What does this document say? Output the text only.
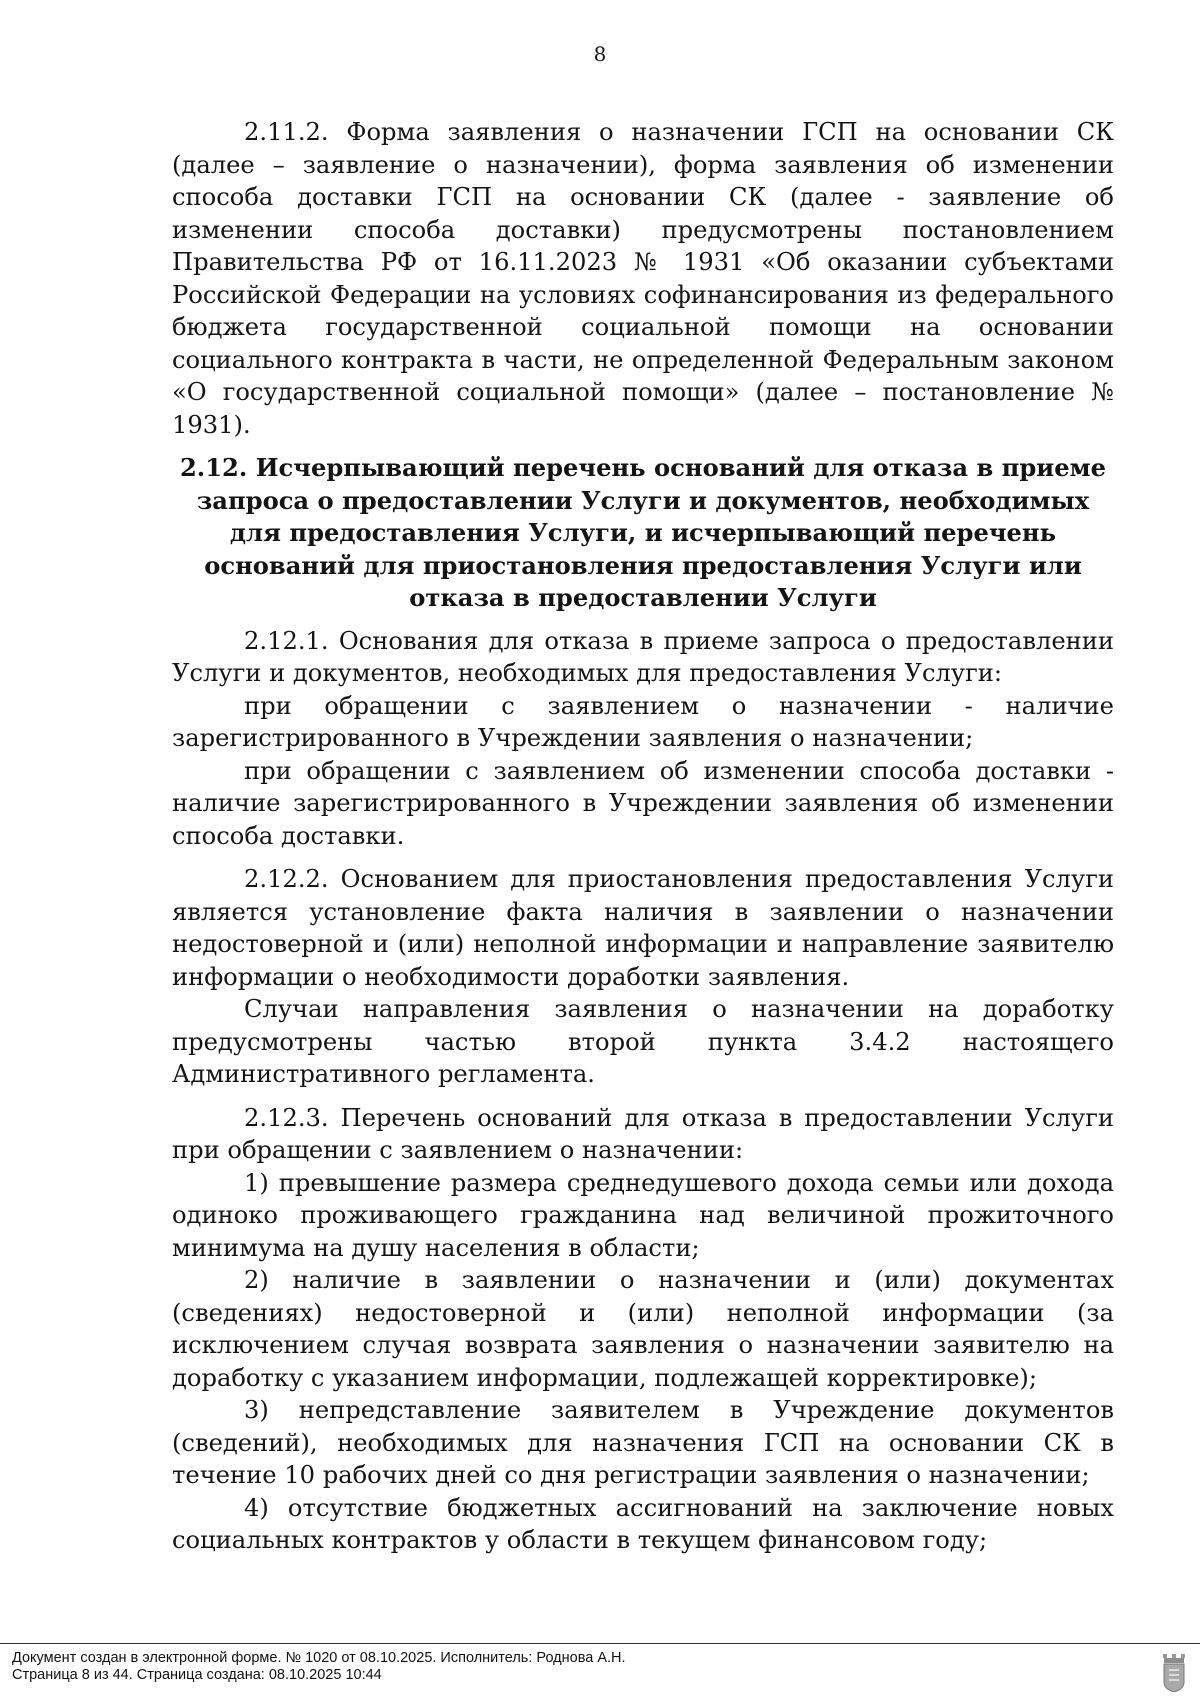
8

2.11.2. Форма заявления о назначении ГСП на основании СК (далее – заявление о назначении), форма заявления об изменении способа доставки ГСП на основании СК (далее - заявление об изменении способа доставки) предусмотрены постановлением Правительства РФ от 16.11.2023 № 1931 «Об оказании субъектами Российской Федерации на условиях софинансирования из федерального бюджета государственной социальной помощи на основании социального контракта в части, не определенной Федеральным законом «О государственной социальной помощи» (далее – постановление № 1931).

2.12. Исчерпывающий перечень оснований для отказа в приеме запроса о предоставлении Услуги и документов, необходимых для предоставления Услуги, и исчерпывающий перечень оснований для приостановления предоставления Услуги или отказа в предоставлении Услуги

2.12.1. Основания для отказа в приеме запроса о предоставлении Услуги и документов, необходимых для предоставления Услуги:

при обращении с заявлением о назначении - наличие зарегистрированного в Учреждении заявления о назначении;

при обращении с заявлением об изменении способа доставки - наличие зарегистрированного в Учреждении заявления об изменении способа доставки.

2.12.2. Основанием для приостановления предоставления Услуги является установление факта наличия в заявлении о назначении недостоверной и (или) неполной информации и направление заявителю информации о необходимости доработки заявления.

Случаи направления заявления о назначении на доработку предусмотрены частью второй пункта 3.4.2 настоящего Административного регламента.

2.12.3. Перечень оснований для отказа в предоставлении Услуги при обращении с заявлением о назначении:

1) превышение размера среднедушевого дохода семьи или дохода одиноко проживающего гражданина над величиной прожиточного минимума на душу населения в области;

2) наличие в заявлении о назначении и (или) документах (сведениях) недостоверной и (или) неполной информации (за исключением случая возврата заявления о назначении заявителю на доработку с указанием информации, подлежащей корректировке);

3) непредставление заявителем в Учреждение документов (сведений), необходимых для назначения ГСП на основании СК в течение 10 рабочих дней со дня регистрации заявления о назначении;

4) отсутствие бюджетных ассигнований на заключение новых социальных контрактов у области в текущем финансовом году;

Документ создан в электронной форме. № 1020 от 08.10.2025. Исполнитель: Роднова А.Н.
Страница 8 из 44. Страница создана: 08.10.2025 10:44
